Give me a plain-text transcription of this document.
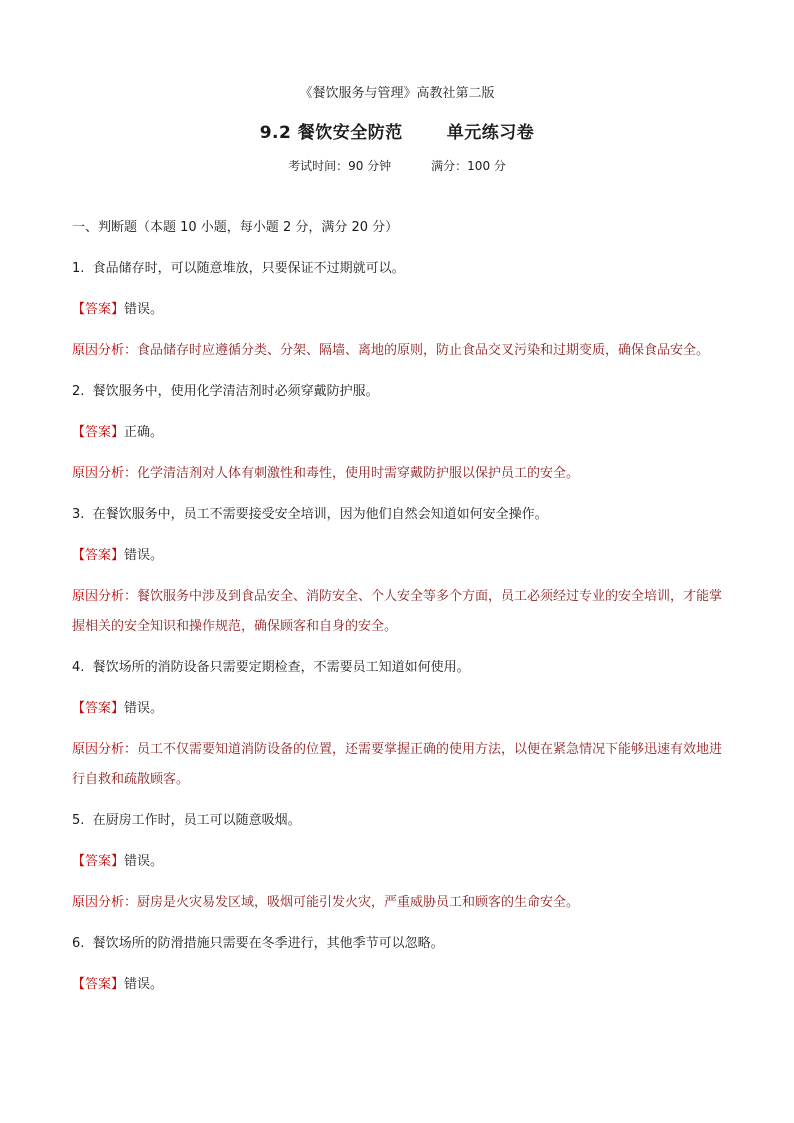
《餐饮服务与管理》高教社第二版
9.2 餐饮安全防范	单元练习卷
考试时间：90 分钟	满分：100 分
一、判断题（本题 10 小题，每小题 2 分，满分 20 分）
1. 食品储存时，可以随意堆放，只要保证不过期就可以。
【答案】错误。
原因分析：食品储存时应遵循分类、分架、隔墙、离地的原则，防止食品交叉污染和过期变质，确保食品安全。
2. 餐饮服务中，使用化学清洁剂时必须穿戴防护服。
【答案】正确。
原因分析：化学清洁剂对人体有刺激性和毒性，使用时需穿戴防护服以保护员工的安全。
3. 在餐饮服务中，员工不需要接受安全培训，因为他们自然会知道如何安全操作。
【答案】错误。
原因分析：餐饮服务中涉及到食品安全、消防安全、个人安全等多个方面，员工必须经过专业的安全培训，才能掌握相关的安全知识和操作规范，确保顾客和自身的安全。
4. 餐饮场所的消防设备只需要定期检查，不需要员工知道如何使用。
【答案】错误。
原因分析：员工不仅需要知道消防设备的位置，还需要掌握正确的使用方法，以便在紧急情况下能够迅速有效地进行自救和疏散顾客。
5. 在厨房工作时，员工可以随意吸烟。
【答案】错误。
原因分析：厨房是火灾易发区域，吸烟可能引发火灾，严重威胁员工和顾客的生命安全。
6. 餐饮场所的防滑措施只需要在冬季进行，其他季节可以忽略。
【答案】错误。
